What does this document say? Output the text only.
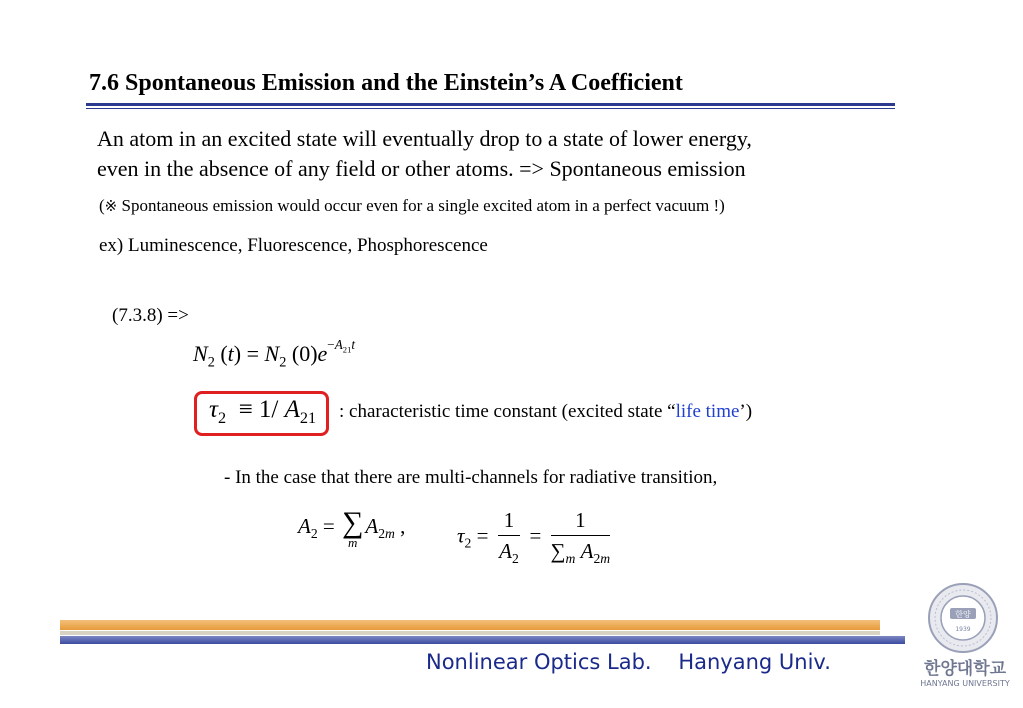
7.6 Spontaneous Emission and the Einstein’s A Coefficient
An atom in an excited state will eventually drop to a state of lower energy,
even in the absence of any field or other atoms. => Spontaneous emission
(※ Spontaneous emission would occur even for a single excited atom in a perfect vacuum !)
ex) Luminescence, Fluorescence, Phosphorescence
(7.3.8) =>
$N_2$ $(t) = N_2$ $(0)e^{-A_{21}t}$
$\tau_2 \equiv 1/$ $A_{21}$ : characteristic time constant (excited state “life time’)
- In the case that there are multi-channels for radiative transition,
$A_2$ = ∑
m
$A_{2m}$ , $\tau_2 = \frac{1}{A_2} = \frac{1}{\sum_m A_{2m}}$
Nonlinear Optics Lab. Hanyang Univ.
한양
1939
한양대학교
HANYANG UNIVERSITY
